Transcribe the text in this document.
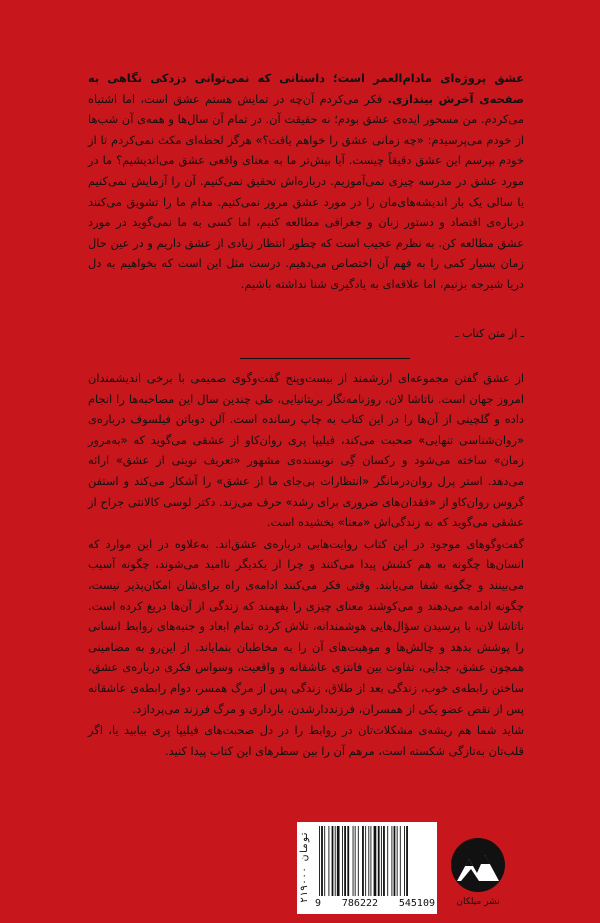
عشق پروژه‌ای مادام‌العمر است؛ داستانی که نمی‌توانی دزدکی نگاهی به صفحه‌ی آخرش بیندازی. فکر می‌کردم آن‌چه در تمایش هستم عشق است، اما اشتباه می‌کردم. من مسحور ایده‌ی عشق بودم؛ نه حقیقت آن. در تمام آن سال‌ها و همه‌ی آن شب‌ها از خودم می‌پرسیدم: «چه زمانی عشق را خواهم یافت؟» هرگز لحظه‌ای مکث نمی‌کردم تا از خودم بپرسم این عشق دقیقاً چیست. آیا بیش‌تر ما به معنای واقعی عشق می‌اندیشیم؟ ما در مورد عشق در مدرسه چیزی نمی‌آموزیم. درباره‌اش تحقیق نمی‌کنیم. آن را آزمایش نمی‌کنیم یا سالی یک بار اندیشه‌های‌مان را در مورد عشق مرور نمی‌کنیم. مدام ما را تشویق می‌کنند درباره‌ی اقتصاد و دستور زبان و جغرافی مطالعه کنیم، اما کسی به ما نمی‌گوید در مورد عشق مطالعه کن. به نظرم عجیب است که چطور انتظار زیادی از عشق داریم و در عین حال زمان بسیار کمی را به فهم آن اختصاص می‌دهیم. درست مثل این است که بخواهیم به دل دریا شیرجه بزنیم، اما علاقه‌ای به یادگیری شنا نداشته باشیم.

ـ از متن کتاب ـ

از عشق گفتن مجموعه‌ای ارزشمند از بیست‌وپنج گفت‌وگوی صمیمی با برخی اندیشمندان امروز جهان است. ناتاشا لان، روزنامه‌نگار بریتانیایی، طی چندین سال این مصاحبه‌ها را انجام داده و گلچینی از آن‌ها را در این کتاب به چاپ رسانده است. آلن دوباتن فیلسوف درباره‌ی «روان‌شناسی تنهایی» صحبت می‌کند، فیلیپا پری روان‌کاو از عشقی می‌گوید که «به‌مرور زمان» ساخته می‌شود و رکسان گِی نویسنده‌ی مشهور «تعریف نوینی از عشق» ارائه می‌دهد. استر پرل روان‌درمانگر «انتظارات بی‌جای ما از عشق» را آشکار می‌کند و استفن گروس روان‌کاو از «فقدان‌های ضروری برای رشد» حرف می‌زند. دکتر لوسی کالانتی جراح از عشقی می‌گوید که به زندگی‌اش «معنا» بخشیده است.

گفت‌وگوهای موجود در این کتاب روایت‌هایی درباره‌ی عشق‌اند. به‌علاوه در این موارد که انسان‌ها چگونه به هم کشش پیدا می‌کنند و چرا از یکدیگر ناامید می‌شوند، چگونه آسیب می‌بینند و چگونه شفا می‌یابند. وقتی فکر می‌کنند ادامه‌ی راه برای‌شان امکان‌پذیر نیست، چگونه ادامه می‌دهند و می‌کوشند معنای چیزی را بفهمند که زندگی از آن‌ها دریغ کرده است. ناتاشا لان، با پرسیدن سؤال‌هایی هوشمندانه، تلاش کرده تمام ابعاد و جنبه‌های روابط انسانی را پوشش بدهد و چالش‌ها و موهبت‌های آن را به مخاطبان بنمایاند. از این‌رو به مضامینی همچون عشق، جدایی، تفاوت بین فانتزی عاشقانه و واقعیت، وسواس فکری درباره‌ی عشق، ساختن رابطه‌ی خوب، زندگی بعد از طلاق، زندگی پس از مرگ همسر، دوام رابطه‌ی عاشقانه پس از نقص عضو یکی از همسران، فرزنددارشدن، بارداری و مرگ فرزند می‌پردازد.

شاید شما هم ریشه‌ی مشکلات‌تان در روابط را در دل صحبت‌های فیلیپا پری بیابید یا، اگر قلب‌تان به‌تازگی شکسته است، مرهم آن را بین سطرهای این کتاب پیدا کنید.

۲۱۹۰۰۰ تومان
9 786222 545109	نشر میلکان
